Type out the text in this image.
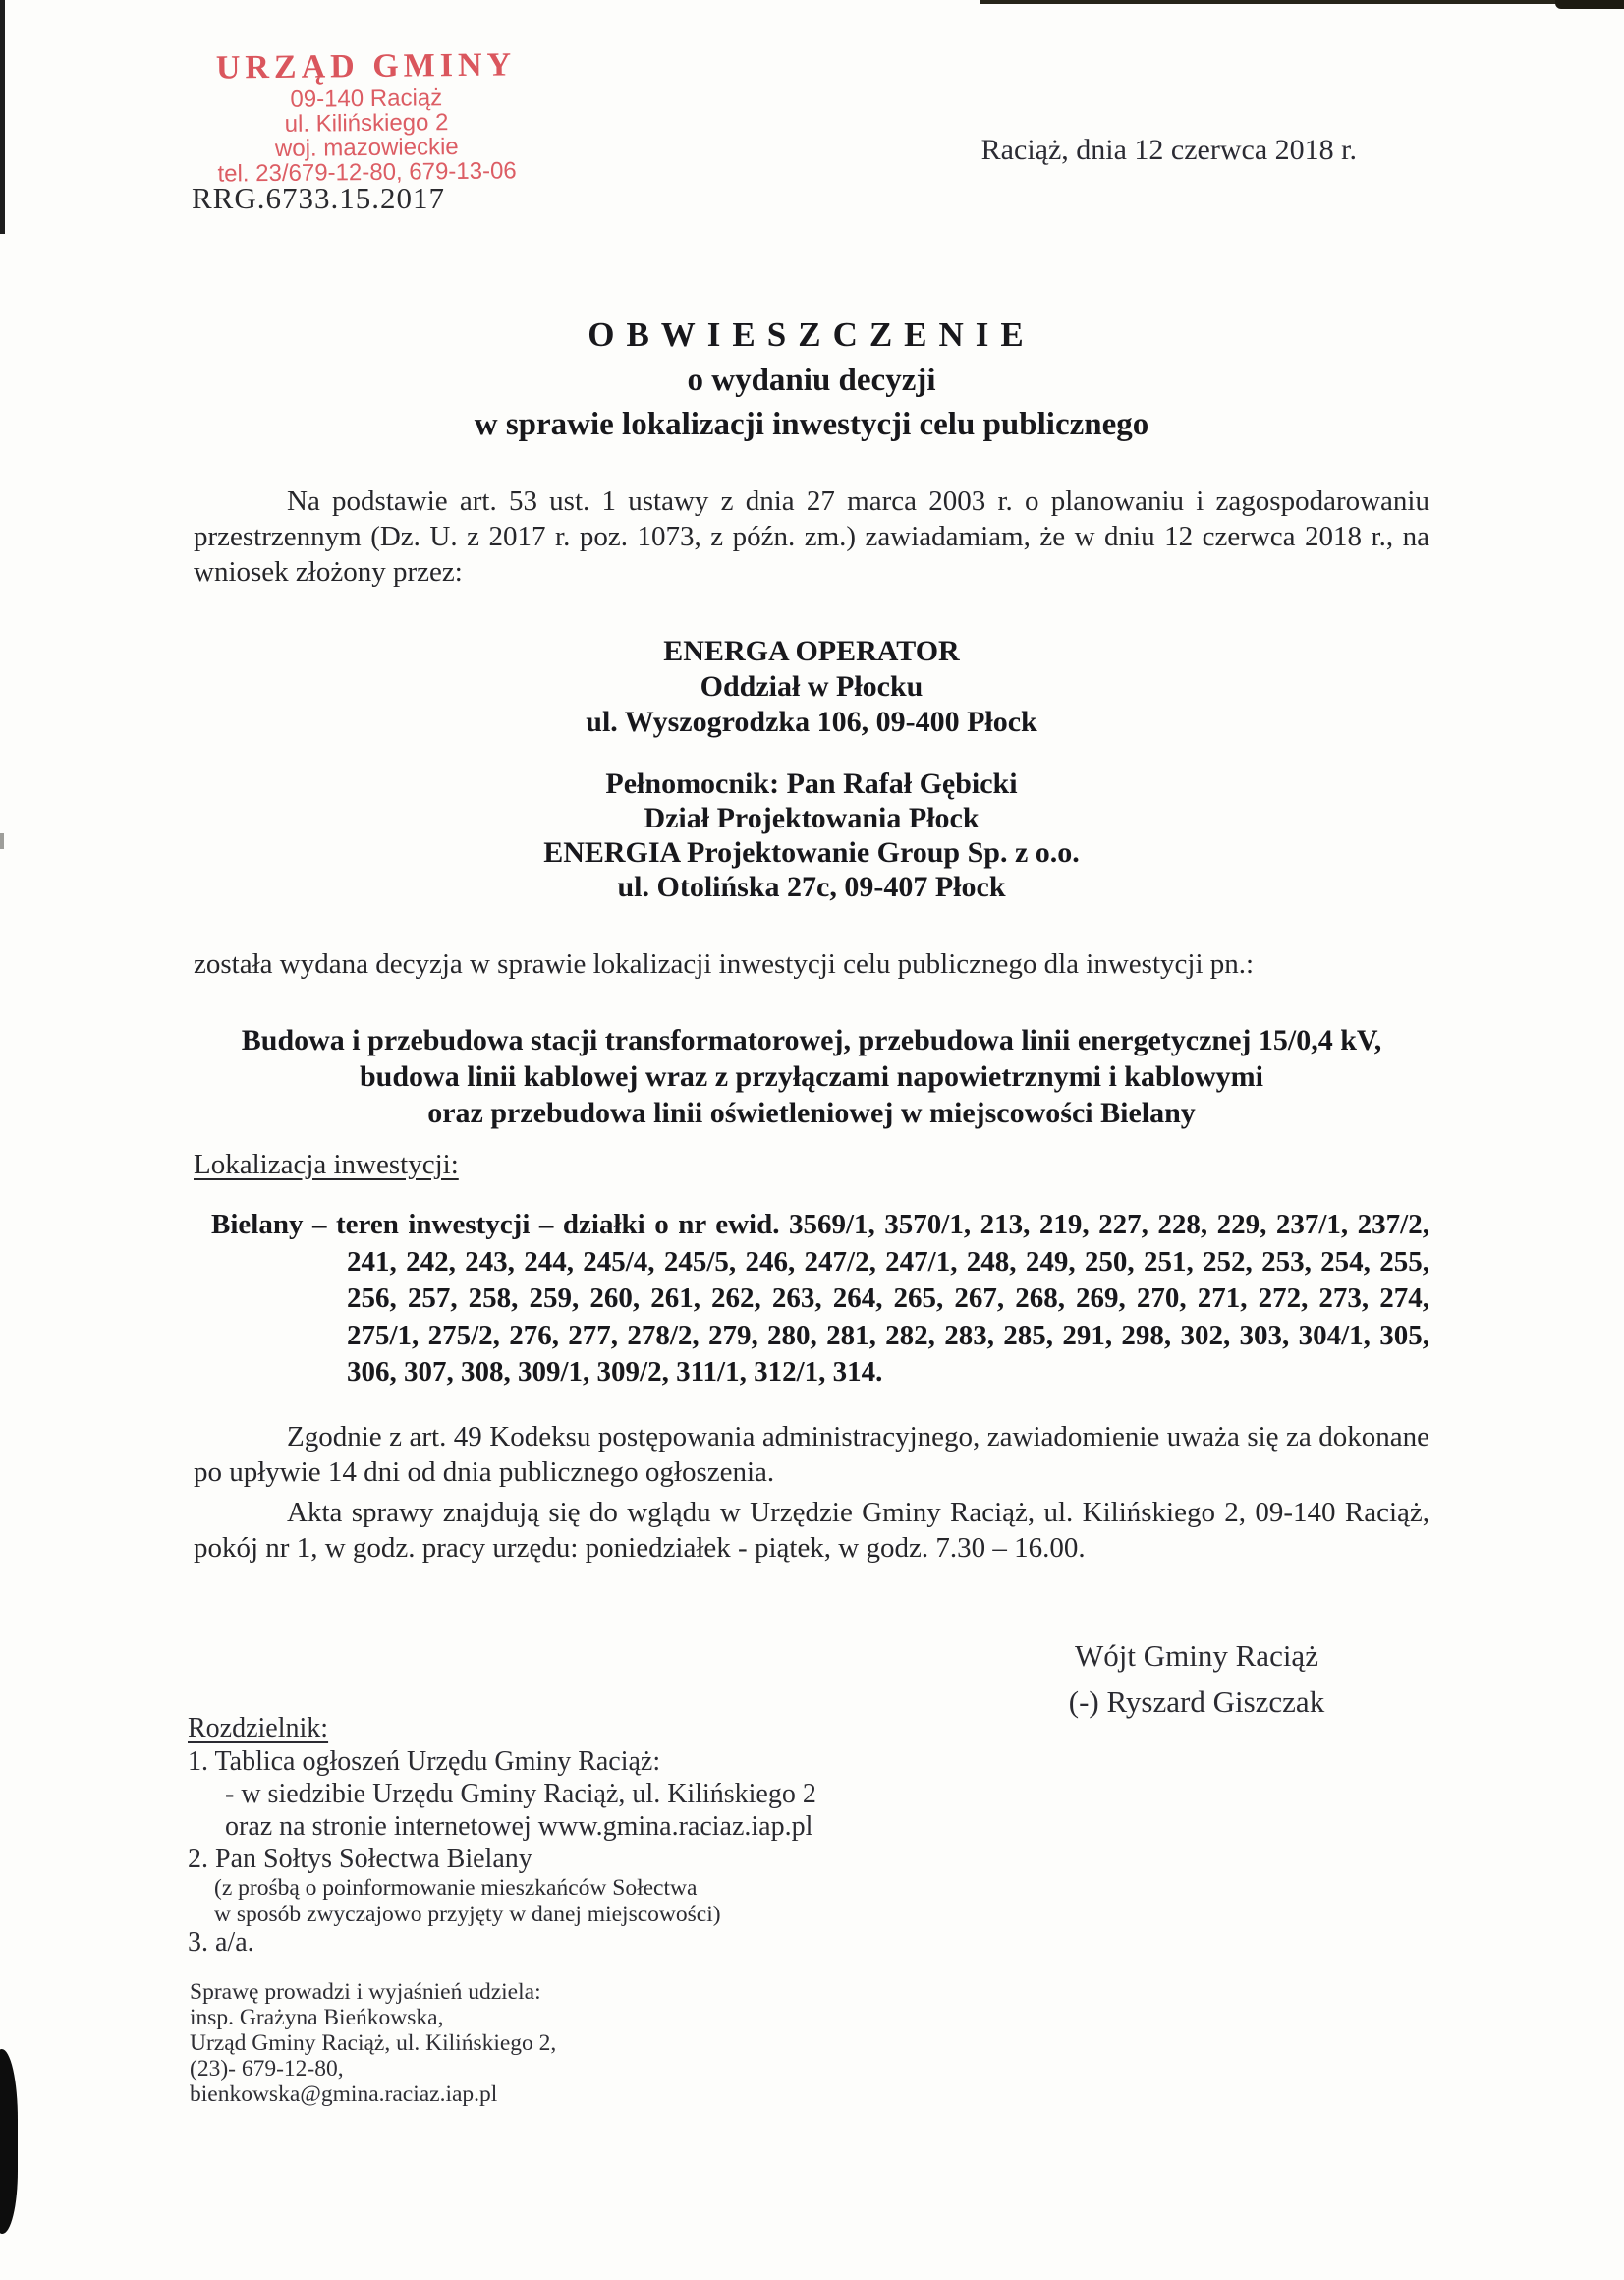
URZĄD GMINY
09-140 Raciąż
ul. Kilińskiego 2
woj. mazowieckie
tel. 23/679-12-80, 679-13-06
RRG.6733.15.2017
Raciąż, dnia 12 czerwca 2018 r.
OBWIESZCZENIE
o wydaniu decyzji
w sprawie lokalizacji inwestycji celu publicznego
Na podstawie art. 53 ust. 1 ustawy z dnia 27 marca 2003 r. o planowaniu i zagospodarowaniu przestrzennym (Dz. U. z 2017 r. poz. 1073, z późn. zm.) zawiadamiam, że w dniu 12 czerwca 2018 r., na wniosek złożony przez:
ENERGA OPERATOR
Oddział w Płocku
ul. Wyszogrodzka 106, 09-400 Płock
Pełnomocnik: Pan Rafał Gębicki
Dział Projektowania Płock
ENERGIA Projektowanie Group Sp. z o.o.
ul. Otolińska 27c, 09-407 Płock
została wydana decyzja w sprawie lokalizacji inwestycji celu publicznego dla inwestycji pn.:
Budowa i przebudowa stacji transformatorowej, przebudowa linii energetycznej 15/0,4 kV,
budowa linii kablowej wraz z przyłączami napowietrznymi i kablowymi
oraz przebudowa linii oświetleniowej w miejscowości Bielany
Lokalizacja inwestycji:
Bielany – teren inwestycji – działki o nr ewid. 3569/1, 3570/1, 213, 219, 227, 228, 229, 237/1, 237/2, 241, 242, 243, 244, 245/4, 245/5, 246, 247/2, 247/1, 248, 249, 250, 251, 252, 253, 254, 255, 256, 257, 258, 259, 260, 261, 262, 263, 264, 265, 267, 268, 269, 270, 271, 272, 273, 274, 275/1, 275/2, 276, 277, 278/2, 279, 280, 281, 282, 283, 285, 291, 298, 302, 303, 304/1, 305, 306, 307, 308, 309/1, 309/2, 311/1, 312/1, 314.
Zgodnie z art. 49 Kodeksu postępowania administracyjnego, zawiadomienie uważa się za dokonane po upływie 14 dni od dnia publicznego ogłoszenia.
Akta sprawy znajdują się do wglądu w Urzędzie Gminy Raciąż, ul. Kilińskiego 2, 09-140 Raciąż, pokój nr 1, w godz. pracy urzędu: poniedziałek - piątek, w godz. 7.30 – 16.00.
Wójt Gminy Raciąż
(-) Ryszard Giszczak
Rozdzielnik:
1. Tablica ogłoszeń Urzędu Gminy Raciąż:
- w siedzibie Urzędu Gminy Raciąż, ul. Kilińskiego 2
oraz na stronie internetowej www.gmina.raciaz.iap.pl
2. Pan Sołtys Sołectwa Bielany
(z prośbą o poinformowanie mieszkańców Sołectwa
w sposób zwyczajowo przyjęty w danej miejscowości)
3. a/a.
Sprawę prowadzi i wyjaśnień udziela:
insp. Grażyna Bieńkowska,
Urząd Gminy Raciąż, ul. Kilińskiego 2,
(23)- 679-12-80,
bienkowska@gmina.raciaz.iap.pl
